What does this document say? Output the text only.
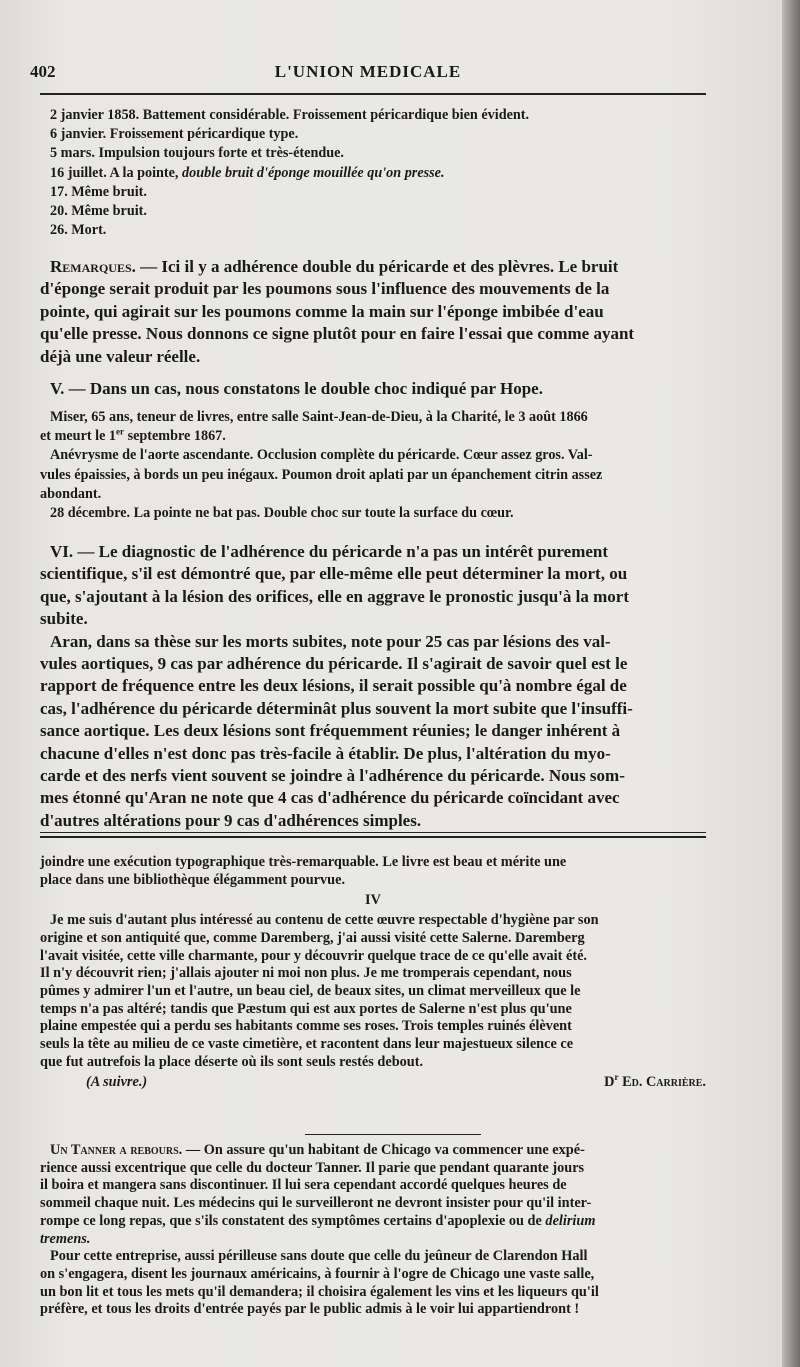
402	L'UNION MEDICALE
2 janvier 1858. Battement considérable. Froissement péricardique bien évident.
6 janvier. Froissement péricardique type.
5 mars. Impulsion toujours forte et très-étendue.
16 juillet. A la pointe, double bruit d'éponge mouillée qu'on presse.
17. Même bruit.
20. Même bruit.
26. Mort.
Remarques. — Ici il y a adhérence double du péricarde et des plèvres. Le bruit
d'éponge serait produit par les poumons sous l'influence des mouvements de la
pointe, qui agirait sur les poumons comme la main sur l'éponge imbibée d'eau
qu'elle presse. Nous donnons ce signe plutôt pour en faire l'essai que comme ayant
déjà une valeur réelle.
V. — Dans un cas, nous constatons le double choc indiqué par Hope.
Miser, 65 ans, teneur de livres, entre salle Saint-Jean-de-Dieu, à la Charité, le 3 août 1866
et meurt le 1er septembre 1867.
Anévrysme de l'aorte ascendante. Occlusion complète du péricarde. Cœur assez gros. Val-
vules épaissies, à bords un peu inégaux. Poumon droit aplati par un épanchement citrin assez
abondant.
28 décembre. La pointe ne bat pas. Double choc sur toute la surface du cœur.
VI. — Le diagnostic de l'adhérence du péricarde n'a pas un intérêt purement
scientifique, s'il est démontré que, par elle-même elle peut déterminer la mort, ou
que, s'ajoutant à la lésion des orifices, elle en aggrave le pronostic jusqu'à la mort
subite.
Aran, dans sa thèse sur les morts subites, note pour 25 cas par lésions des val-
vules aortiques, 9 cas par adhérence du péricarde. Il s'agirait de savoir quel est le
rapport de fréquence entre les deux lésions, il serait possible qu'à nombre égal de
cas, l'adhérence du péricarde déterminât plus souvent la mort subite que l'insuffi-
sance aortique. Les deux lésions sont fréquemment réunies; le danger inhérent à
chacune d'elles n'est donc pas très-facile à établir. De plus, l'altération du myo-
carde et des nerfs vient souvent se joindre à l'adhérence du péricarde. Nous som-
mes étonné qu'Aran ne note que 4 cas d'adhérence du péricarde coïncidant avec
d'autres altérations pour 9 cas d'adhérences simples.
joindre une exécution typographique très-remarquable. Le livre est beau et mérite une
place dans une bibliothèque élégamment pourvue.
IV
Je me suis d'autant plus intéressé au contenu de cette œuvre respectable d'hygiène par son
origine et son antiquité que, comme Daremberg, j'ai aussi visité cette Salerne. Daremberg
l'avait visitée, cette ville charmante, pour y découvrir quelque trace de ce qu'elle avait été.
Il n'y découvrit rien; j'allais ajouter ni moi non plus. Je me tromperais cependant, nous
pûmes y admirer l'un et l'autre, un beau ciel, de beaux sites, un climat merveilleux que le
temps n'a pas altéré; tandis que Pæstum qui est aux portes de Salerne n'est plus qu'une
plaine empestée qui a perdu ses habitants comme ses roses. Trois temples ruinés élèvent
seuls la tête au milieu de ce vaste cimetière, et racontent dans leur majestueux silence ce
que fut autrefois la place déserte où ils sont seuls restés debout.
(A suivre.)	$D^r$ Ed. Carrière.
Un Tanner a rebours. — On assure qu'un habitant de Chicago va commencer une expé-
rience aussi excentrique que celle du docteur Tanner. Il parie que pendant quarante jours
il boira et mangera sans discontinuer. Il lui sera cependant accordé quelques heures de
sommeil chaque nuit. Les médecins qui le surveilleront ne devront insister pour qu'il inter-
rompe ce long repas, que s'ils constatent des symptômes certains d'apoplexie ou de delirium
tremens.
Pour cette entreprise, aussi périlleuse sans doute que celle du jeûneur de Clarendon Hall
on s'engagera, disent les journaux américains, à fournir à l'ogre de Chicago une vaste salle,
un bon lit et tous les mets qu'il demandera; il choisira également les vins et les liqueurs qu'il
préfère, et tous les droits d'entrée payés par le public admis à le voir lui appartiendront !
